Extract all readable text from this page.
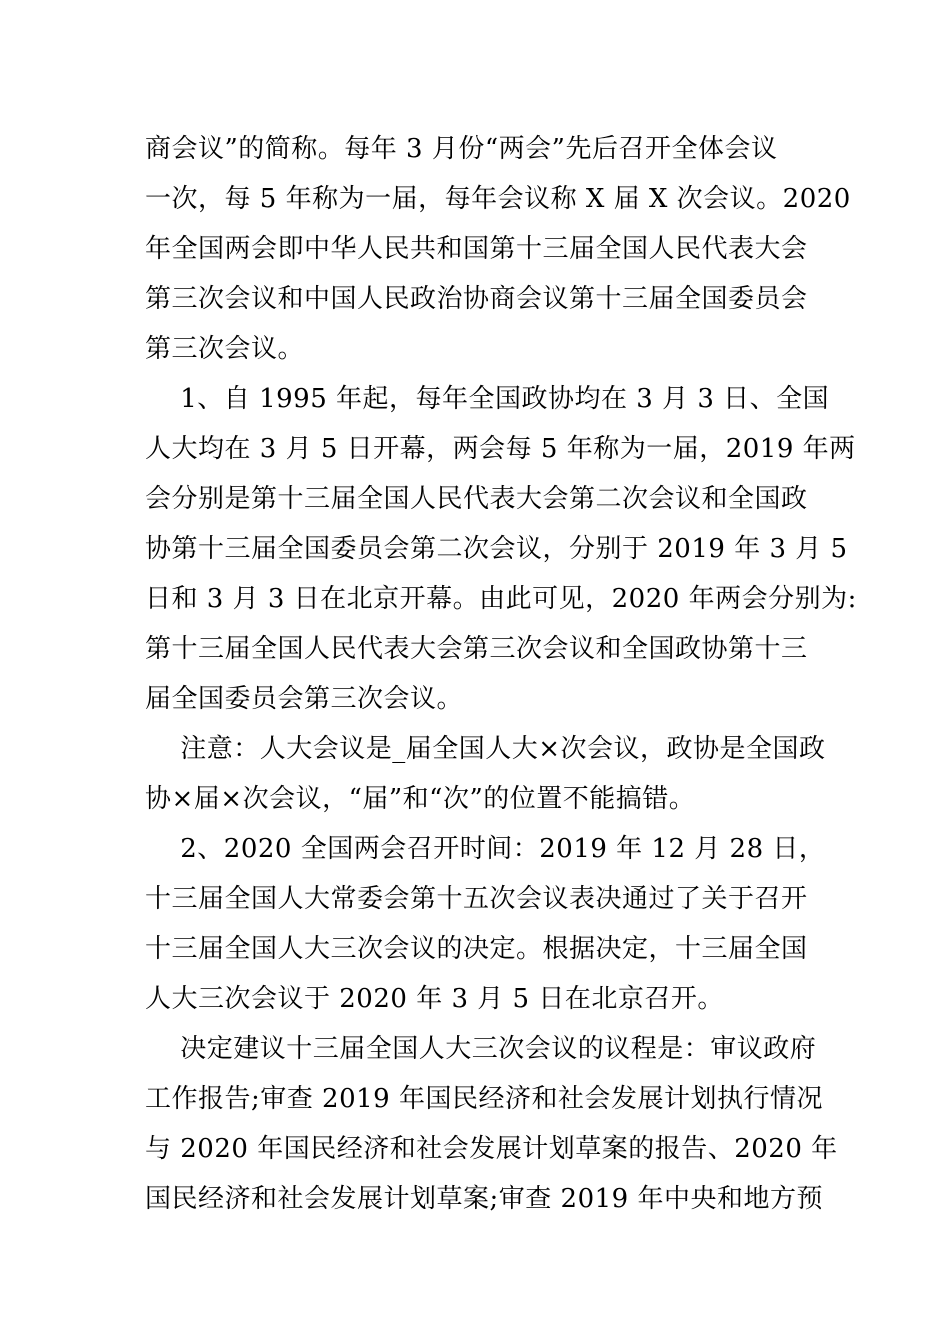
商会议”的简称。每年 3 月份“两会”先后召开全体会议
一次，每 5 年称为一届，每年会议称 X 届 X 次会议。2020
年全国两会即中华人民共和国第十三届全国人民代表大会
第三次会议和中国人民政治协商会议第十三届全国委员会
第三次会议。
　 1、自 1995 年起，每年全国政协均在 3 月 3 日、全国
人大均在 3 月 5 日开幕，两会每 5 年称为一届，2019 年两
会分别是第十三届全国人民代表大会第二次会议和全国政
协第十三届全国委员会第二次会议，分别于 2019 年 3 月 5
日和 3 月 3 日在北京开幕。由此可见，2020 年两会分别为:
第十三届全国人民代表大会第三次会议和全国政协第十三
届全国委员会第三次会议。
　 注意：人大会议是_届全国人大×次会议，政协是全国政
协×届×次会议，“届”和“次”的位置不能搞错。
　 2、2020 全国两会召开时间：2019 年 12 月 28 日，
十三届全国人大常委会第十五次会议表决通过了关于召开
十三届全国人大三次会议的决定。根据决定，十三届全国
人大三次会议于 2020 年 3 月 5 日在北京召开。
　 决定建议十三届全国人大三次会议的议程是：审议政府
工作报告;审查 2019 年国民经济和社会发展计划执行情况
与 2020 年国民经济和社会发展计划草案的报告、2020 年
国民经济和社会发展计划草案;审查 2019 年中央和地方预
